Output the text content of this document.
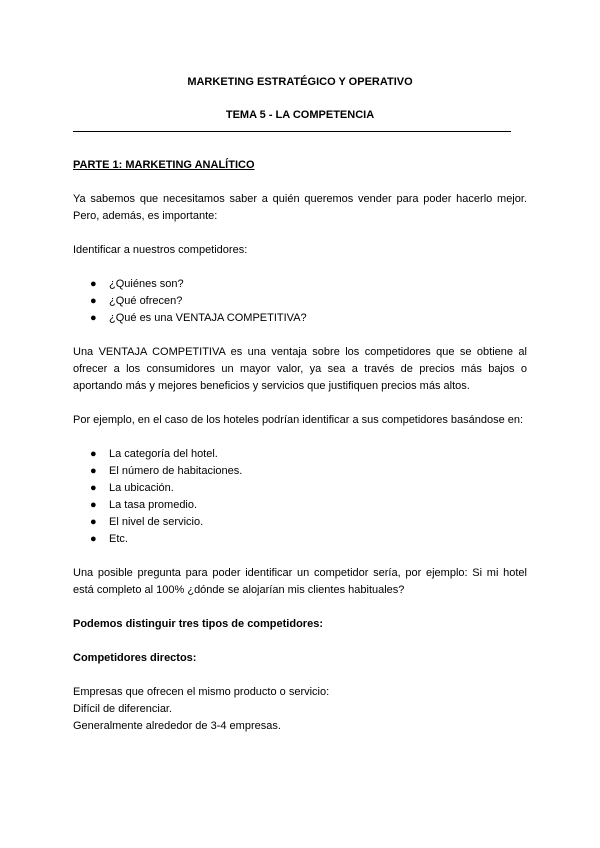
MARKETING ESTRATÉGICO Y OPERATIVO
TEMA 5 - LA COMPETENCIA
PARTE 1: MARKETING ANALÍTICO
Ya sabemos que necesitamos saber a quién queremos vender para poder hacerlo mejor. Pero, además, es importante:
Identificar a nuestros competidores:
● ¿Quiénes son?
● ¿Qué ofrecen?
● ¿Qué es una VENTAJA COMPETITIVA?
Una VENTAJA COMPETITIVA es una ventaja sobre los competidores que se obtiene al ofrecer a los consumidores un mayor valor, ya sea a través de precios más bajos o aportando más y mejores beneficios y servicios que justifiquen precios más altos.
Por ejemplo, en el caso de los hoteles podrían identificar a sus competidores basándose en:
● La categoría del hotel.
● El número de habitaciones.
● La ubicación.
● La tasa promedio.
● El nivel de servicio.
● Etc.
Una posible pregunta para poder identificar un competidor sería, por ejemplo: Si mi hotel está completo al 100% ¿dónde se alojarían mis clientes habituales?
Podemos distinguir tres tipos de competidores:
Competidores directos:
Empresas que ofrecen el mismo producto o servicio:
Difícil de diferenciar.
Generalmente alrededor de 3-4 empresas.
